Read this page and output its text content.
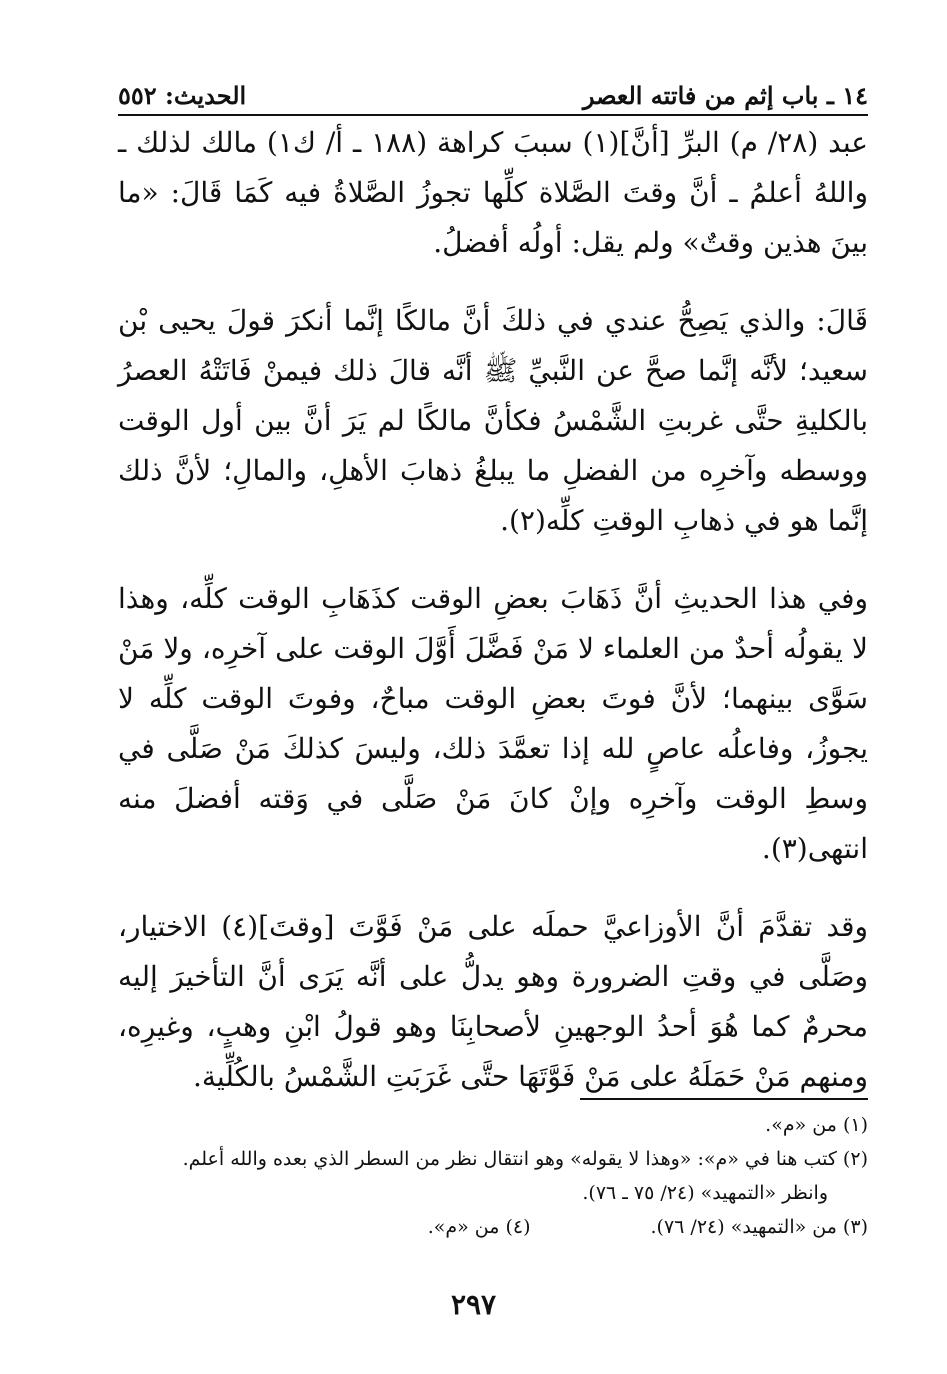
١٤ ـ باب إثم من فاتته العصر
الحديث: ٥٥٢

عبد (٢٨/ م) البرِّ [أنَّ](١) سببَ كراهة (١٨٨ ـ أ/ ك١) مالك لذلك ـ واللهُ أعلمُ ـ أنَّ وقتَ الصَّلاة كلِّها تجوزُ الصَّلاةُ فيه كَمَا قَالَ: «ما بينَ هذين وقتٌ» ولم يقل: أولُه أفضلُ.

قَالَ: والذي يَصِحُّ عندي في ذلكَ أنَّ مالكًا إنَّما أنكرَ قولَ يحيى بْن سعيد؛ لأنَّه إنَّما صحَّ عن النَّبيِّ ﷺ أنَّه قالَ ذلك فيمنْ فَاتَتْهُ العصرُ بالكليةِ حتَّى غربتِ الشَّمْسُ فكأنَّ مالكًا لم يَرَ أنَّ بين أول الوقت ووسطه وآخرِه من الفضلِ ما يبلغُ ذهابَ الأهلِ، والمالِ؛ لأنَّ ذلك إنَّما هو في ذهابِ الوقتِ كلِّه(٢).

وفي هذا الحديثِ أنَّ ذَهَابَ بعضِ الوقت كذَهَابِ الوقت كلِّه، وهذا لا يقولُه أحدٌ من العلماء لا مَنْ فَضَّلَ أَوَّلَ الوقت على آخرِه، ولا مَنْ سَوَّى بينهما؛ لأنَّ فوتَ بعضِ الوقت مباحٌ، وفوتَ الوقت كلِّه لا يجوزُ، وفاعلُه عاصٍ لله إذا تعمَّدَ ذلك، وليسَ كذلكَ مَنْ صَلَّى في وسطِ الوقت وآخرِه وإنْ كانَ مَنْ صَلَّى في وَقته أفضلَ منه انتهى(٣).

وقد تقدَّمَ أنَّ الأوزاعيَّ حملَه على مَنْ فَوَّتَ [وقتَ](٤) الاختيار، وصَلَّى في وقتِ الضرورة وهو يدلُّ على أنَّه يَرَى أنَّ التأخيرَ إليه محرمٌ كما هُوَ أحدُ الوجهينِ لأصحابِنَا وهو قولُ ابْنِ وهبٍ، وغيرِه، ومنهم مَنْ حَمَلَهُ على مَنْ فَوَّتَهَا حتَّى غَرَبَتِ الشَّمْسُ بالكُلِّية.

(١) من «م».

(٢) كتب هنا في «م»: «وهذا لا يقوله» وهو انتقال نظر من السطر الذي بعده والله أعلم.

وانظر «التمهيد» (٢٤/ ٧٥ ـ ٧٦).

(٣) من «التمهيد» (٢٤/ ٧٦).
(٤) من «م».
٢٩٧
